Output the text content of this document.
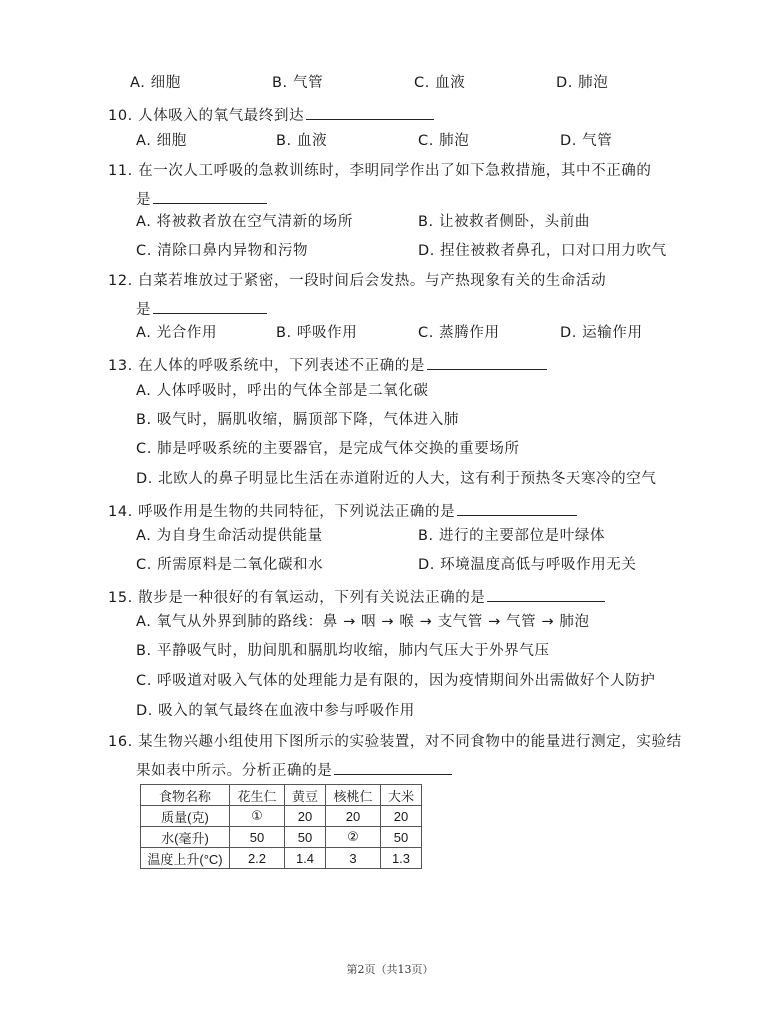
A. 细胞	B. 气管	C. 血液	D. 肺泡
10. 人体吸入的氧气最终到达
A. 细胞	B. 血液	C. 肺泡	D. 气管
11. 在一次人工呼吸的急救训练时，李明同学作出了如下急救措施，其中不正确的
是
A. 将被救者放在空气清新的场所	B. 让被救者侧卧，头前曲
C. 清除口鼻内异物和污物	D. 捏住被救者鼻孔，口对口用力吹气
12. 白菜若堆放过于紧密，一段时间后会发热。与产热现象有关的生命活动
是
A. 光合作用	B. 呼吸作用	C. 蒸腾作用	D. 运输作用
13. 在人体的呼吸系统中，下列表述不正确的是
A. 人体呼吸时，呼出的气体全部是二氧化碳
B. 吸气时，膈肌收缩，膈顶部下降，气体进入肺
C. 肺是呼吸系统的主要器官，是完成气体交换的重要场所
D. 北欧人的鼻子明显比生活在赤道附近的人大，这有利于预热冬天寒冷的空气
14. 呼吸作用是生物的共同特征，下列说法正确的是
A. 为自身生命活动提供能量	B. 进行的主要部位是叶绿体
C. 所需原料是二氧化碳和水	D. 环境温度高低与呼吸作用无关
15. 散步是一种很好的有氧运动，下列有关说法正确的是
A. 氧气从外界到肺的路线：鼻 → 咽 → 喉 → 支气管 → 气管 → 肺泡
B. 平静吸气时，肋间肌和膈肌均收缩，肺内气压大于外界气压
C. 呼吸道对吸入气体的处理能力是有限的，因为疫情期间外出需做好个人防护
D. 吸入的氧气最终在血液中参与呼吸作用
16. 某生物兴趣小组使用下图所示的实验装置，对不同食物中的能量进行测定，实验结
果如表中所示。分析正确的是
食物名称	花生仁	黄豆	核桃仁	大米
质量(克)	①	20	20	20
水(毫升)	50	50	②	50
温度上升(°C)	2.2	1.4	3	1.3
第2页（共13页）
